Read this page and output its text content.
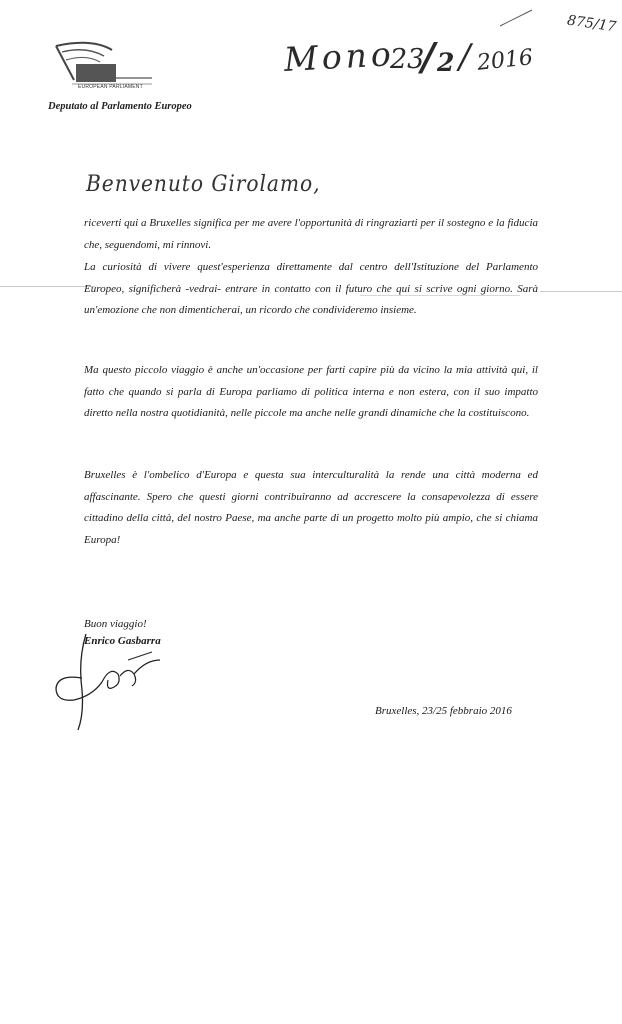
EUROPEAN PARLIAMENT
Deputato al Parlamento Europeo
Mono
23
/ 2 / 2016
875/17
Benvenuto Girolamo,
riceverti qui a Bruxelles significa per me avere l'opportunità di ringraziarti per il sostegno e la fiducia che, seguendomi, mi rinnovi.
La curiosità di vivere quest'esperienza direttamente dal centro dell'Istituzione del Parlamento Europeo, significherà -vedrai- entrare in contatto con il futuro che qui si scrive ogni giorno. Sarà un'emozione che non dimenticherai, un ricordo che condivideremo insieme.
Ma questo piccolo viaggio è anche un'occasione per farti capire più da vicino la mia attività qui, il fatto che quando si parla di Europa parliamo di politica interna e non estera, con il suo impatto diretto nella nostra quotidianità, nelle piccole ma anche nelle grandi dinamiche che la costituiscono.
Bruxelles è l'ombelico d'Europa e questa sua interculturalità la rende una città moderna ed affascinante. Spero che questi giorni contribuiranno ad accrescere la consapevolezza di essere cittadino della città, del nostro Paese, ma anche parte di un progetto molto più ampio, che si chiama Europa!
Buon viaggio!
Enrico Gasbarra
Bruxelles, 23/25 febbraio 2016
